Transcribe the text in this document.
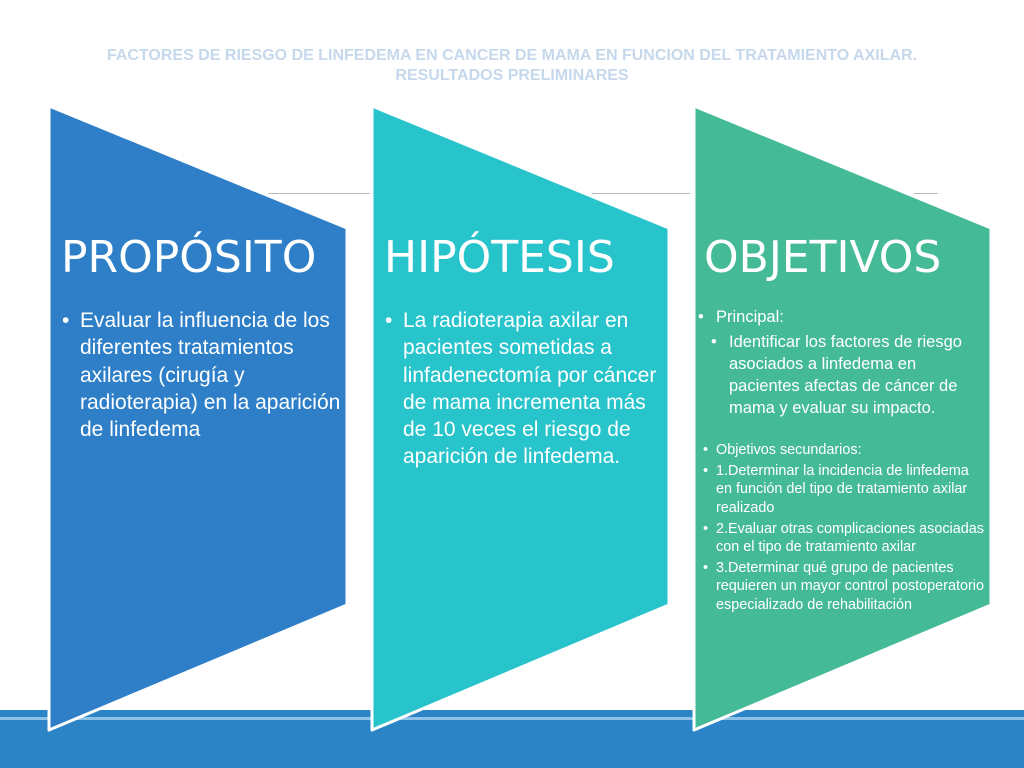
FACTORES DE RIESGO DE LINFEDEMA EN CANCER DE MAMA EN FUNCION DEL TRATAMIENTO AXILAR.
RESULTADOS PRELIMINARES
PROPÓSITO
• Evaluar la influencia de los diferentes tratamientos axilares (cirugía y radioterapia) en la aparición de linfedema
HIPÓTESIS
• La radioterapia axilar en pacientes sometidas a linfadenectomía por cáncer de mama incrementa más de 10 veces el riesgo de aparición de linfedema.
OBJETIVOS
• Principal:
• Identificar los factores de riesgo asociados a linfedema en pacientes afectas de cáncer de mama y evaluar su impacto.
• Objetivos secundarios:
• 1.Determinar la incidencia de linfedema en función del tipo de tratamiento axilar realizado
• 2.Evaluar otras complicaciones asociadas con el tipo de tratamiento axilar
• 3.Determinar qué grupo de pacientes requieren un mayor control postoperatorio especializado de rehabilitación
